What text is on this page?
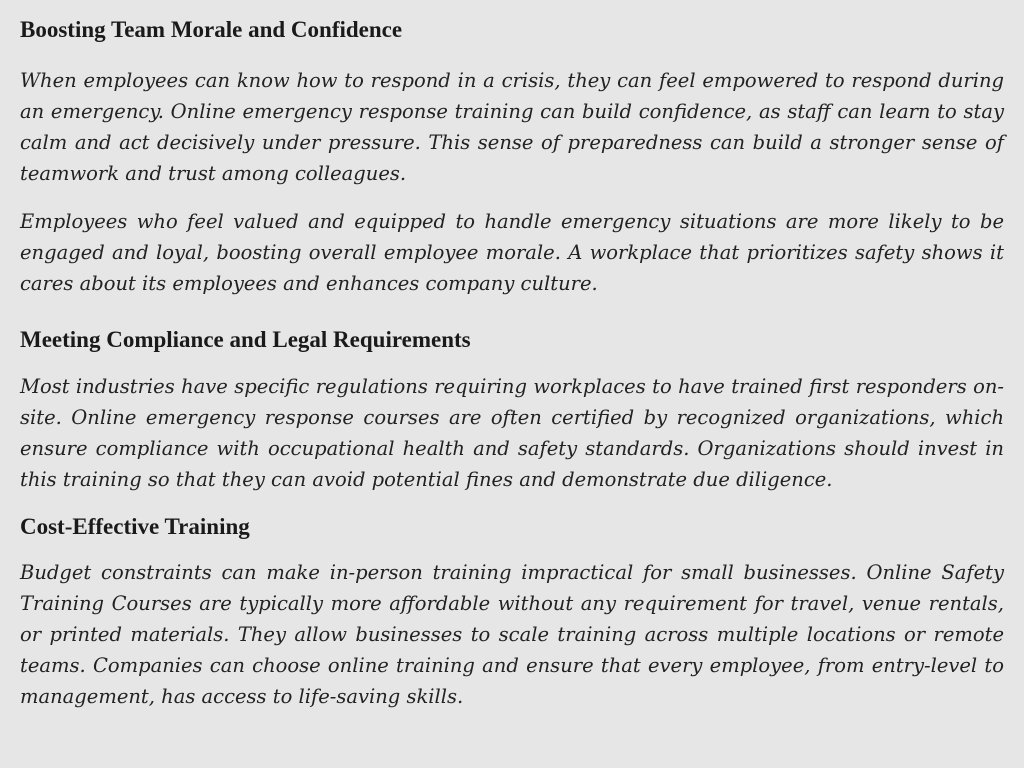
Boosting Team Morale and Confidence

When employees can know how to respond in a crisis, they can feel empowered to respond during an emergency. Online emergency response training can build confidence, as staff can learn to stay calm and act decisively under pressure. This sense of preparedness can build a stronger sense of teamwork and trust among colleagues.

Employees who feel valued and equipped to handle emergency situations are more likely to be engaged and loyal, boosting overall employee morale. A workplace that prioritizes safety shows it cares about its employees and enhances company culture.

Meeting Compliance and Legal Requirements

Most industries have specific regulations requiring workplaces to have trained first responders on-site. Online emergency response courses are often certified by recognized organizations, which ensure compliance with occupational health and safety standards. Organizations should invest in this training so that they can avoid potential fines and demonstrate due diligence.

Cost-Effective Training

Budget constraints can make in-person training impractical for small businesses. Online Safety Training Courses are typically more affordable without any requirement for travel, venue rentals, or printed materials. They allow businesses to scale training across multiple locations or remote teams. Companies can choose online training and ensure that every employee, from entry-level to management, has access to life-saving skills.
